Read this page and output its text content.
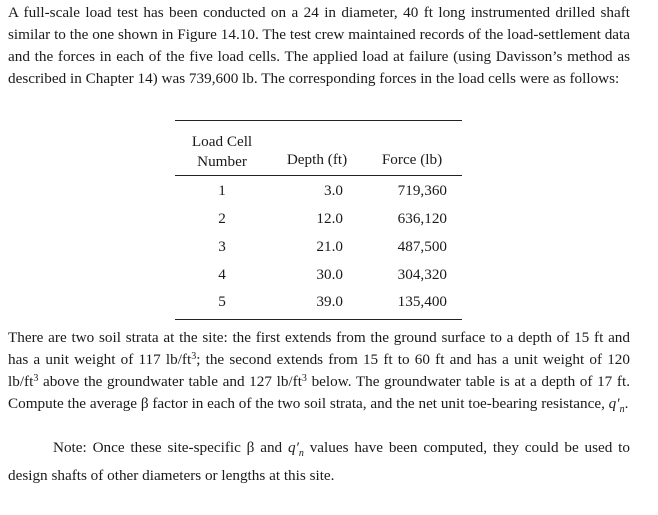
A full-scale load test has been conducted on a 24 in diameter, 40 ft long instrumented drilled shaft similar to the one shown in Figure 14.10. The test crew maintained records of the load-settlement data and the forces in each of the five load cells. The applied load at failure (using Davisson’s method as described in Chapter 14) was 739,600 lb. The corresponding forces in the load cells were as follows:

Load Cell
Number	Depth (ft)	Force (lb)
1	3.0	719,360
2	12.0	636,120
3	21.0	487,500
4	30.0	304,320
5	39.0	135,400

There are two soil strata at the site: the first extends from the ground surface to a depth of 15 ft and has a unit weight of 117 $lb/ft^3$; the second extends from 15 ft to 60 ft and has a unit weight of 120 $lb/ft^3$ above the groundwater table and 127 $lb/ft^3$ below. The groundwater table is at a depth of 17 ft. Compute the average β factor in each of the two soil strata, and the net unit toe-bearing resistance, $q'_n$.

Note: Once these site-specific β and $q'_n$ values have been computed, they could be used to design shafts of other diameters or lengths at this site.
